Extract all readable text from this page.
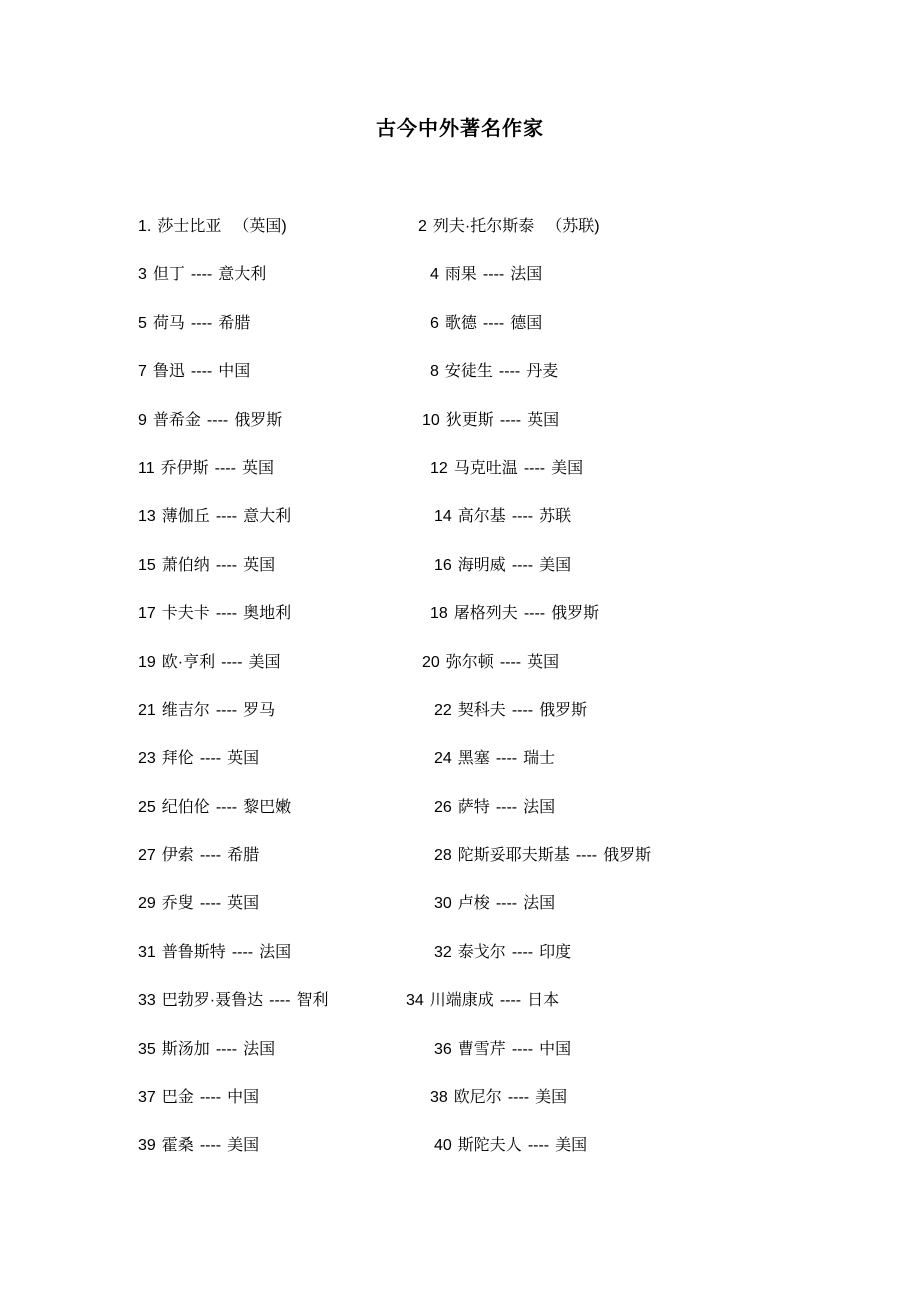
古今中外著名作家
1. 莎士比亚 （英国)	2 列夫·托尔斯泰 （苏联)
3 但丁 ---- 意大利	4 雨果 ---- 法国
5 荷马 ---- 希腊	6 歌德 ---- 德国
7 鲁迅 ---- 中国	8 安徒生 ---- 丹麦
9 普希金 ---- 俄罗斯	10 狄更斯 ---- 英国
11 乔伊斯 ---- 英国	12 马克吐温 ---- 美国
13 薄伽丘 ---- 意大利	14 高尔基 ---- 苏联
15 萧伯纳 ---- 英国	16 海明威 ---- 美国
17 卡夫卡 ---- 奥地利	18 屠格列夫 ---- 俄罗斯
19 欧·亨利 ---- 美国	20 弥尔顿 ---- 英国
21 维吉尔 ---- 罗马	22 契科夫 ---- 俄罗斯
23 拜伦 ---- 英国	24 黑塞 ---- 瑞士
25 纪伯伦 ---- 黎巴嫩	26 萨特 ---- 法国
27 伊索 ---- 希腊	28 陀斯妥耶夫斯基 ---- 俄罗斯
29 乔叟 ---- 英国	30 卢梭 ---- 法国
31 普鲁斯特 ---- 法国	32 泰戈尔 ---- 印度
33 巴勃罗·聂鲁达 ---- 智利	34 川端康成 ---- 日本
35 斯汤加 ---- 法国	36 曹雪芹 ---- 中国
37 巴金 ---- 中国	38 欧尼尔 ---- 美国
39 霍桑 ---- 美国	40 斯陀夫人 ---- 美国
